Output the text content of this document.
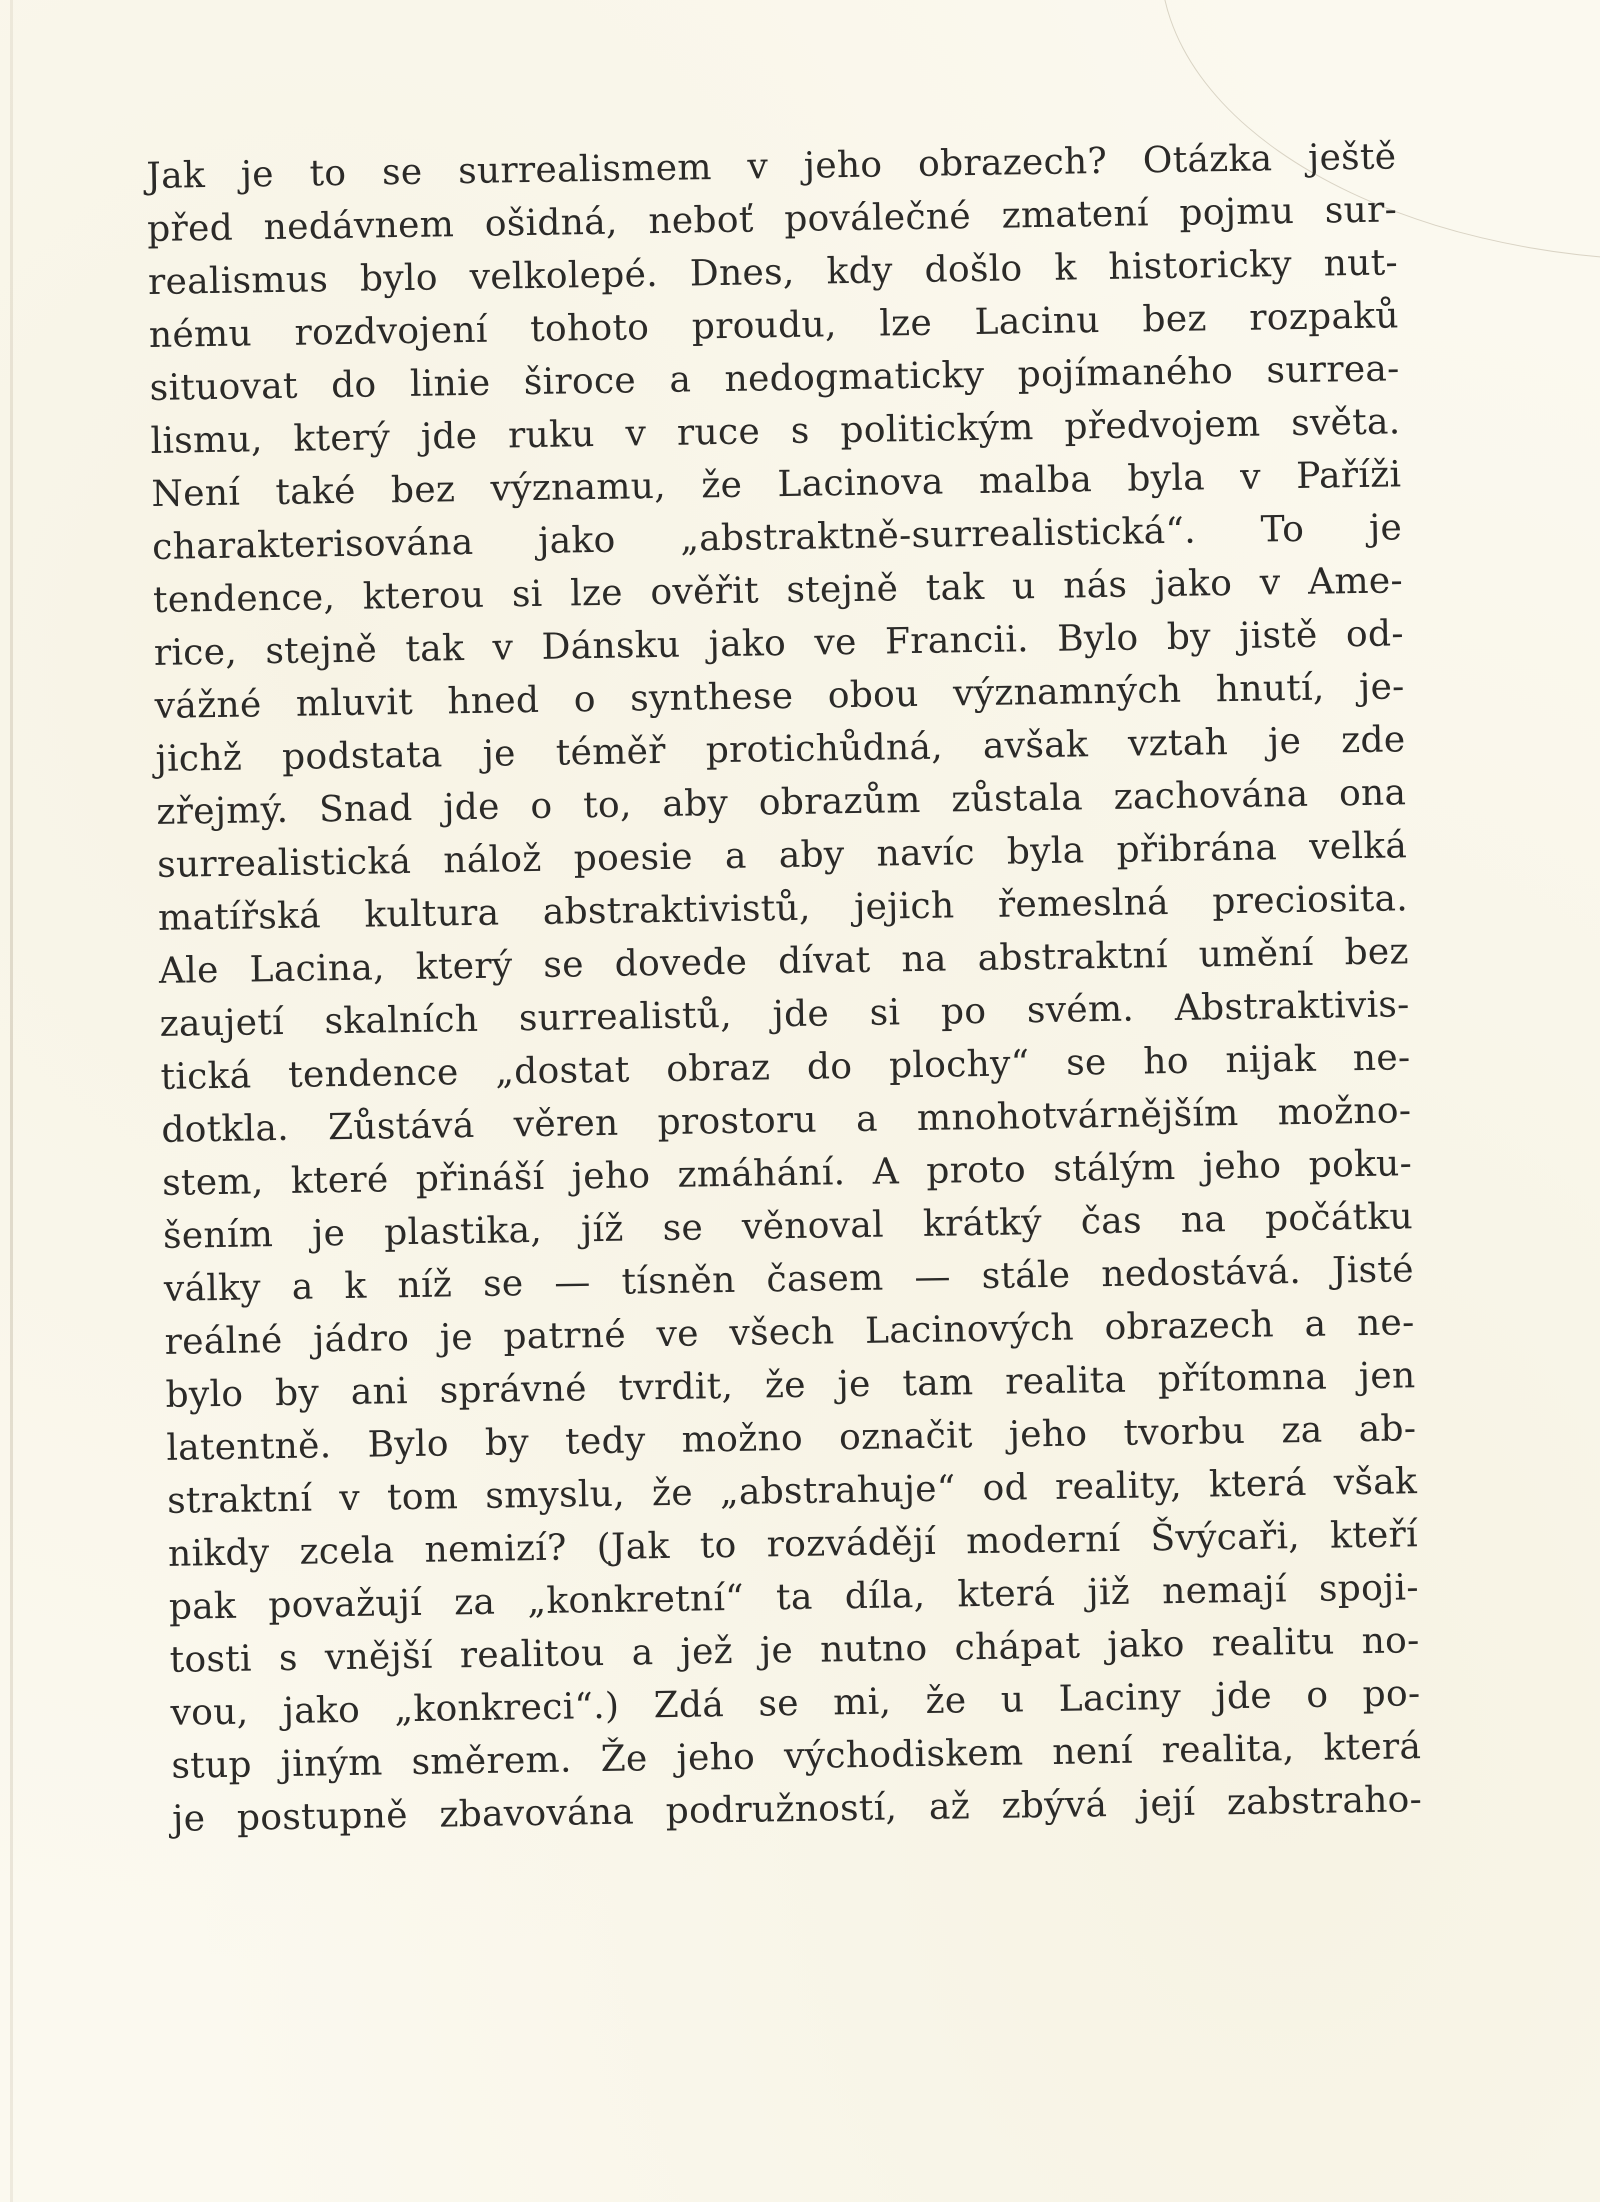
Jak je to se surrealismem v jeho obrazech? Otázka ještě
před nedávnem ošidná, neboť poválečné zmatení pojmu sur-
realismus bylo velkolepé. Dnes, kdy došlo k historicky nut-
nému rozdvojení tohoto proudu, lze Lacinu bez rozpaků
situovat do linie široce a nedogmaticky pojímaného surrea-
lismu, který jde ruku v ruce s politickým předvojem světa.
Není také bez významu, že Lacinova malba byla v Paříži
charakterisována jako „abstraktně-surrealistická“. To je
tendence, kterou si lze ověřit stejně tak u nás jako v Ame-
rice, stejně tak v Dánsku jako ve Francii. Bylo by jistě od-
vážné mluvit hned o synthese obou významných hnutí, je-
jichž podstata je téměř protichůdná, avšak vztah je zde
zřejmý. Snad jde o to, aby obrazům zůstala zachována ona
surrealistická nálož poesie a aby navíc byla přibrána velká
matířská kultura abstraktivistů, jejich řemeslná preciosita.
Ale Lacina, který se dovede dívat na abstraktní umění bez
zaujetí skalních surrealistů, jde si po svém. Abstraktivis-
tická tendence „dostat obraz do plochy“ se ho nijak ne-
dotkla. Zůstává věren prostoru a mnohotvárnějším možno-
stem, které přináší jeho zmáhání. A proto stálým jeho poku-
šením je plastika, jíž se věnoval krátký čas na počátku
války a k níž se — tísněn časem — stále nedostává. Jisté
reálné jádro je patrné ve všech Lacinových obrazech a ne-
bylo by ani správné tvrdit, že je tam realita přítomna jen
latentně. Bylo by tedy možno označit jeho tvorbu za ab-
straktní v tom smyslu, že „abstrahuje“ od reality, která však
nikdy zcela nemizí? (Jak to rozvádějí moderní Švýcaři, kteří
pak považují za „konkretní“ ta díla, která již nemají spoji-
tosti s vnější realitou a jež je nutno chápat jako realitu no-
vou, jako „konkreci“.) Zdá se mi, že u Laciny jde o po-
stup jiným směrem. Že jeho východiskem není realita, která
je postupně zbavována podružností, až zbývá její zabstraho-
